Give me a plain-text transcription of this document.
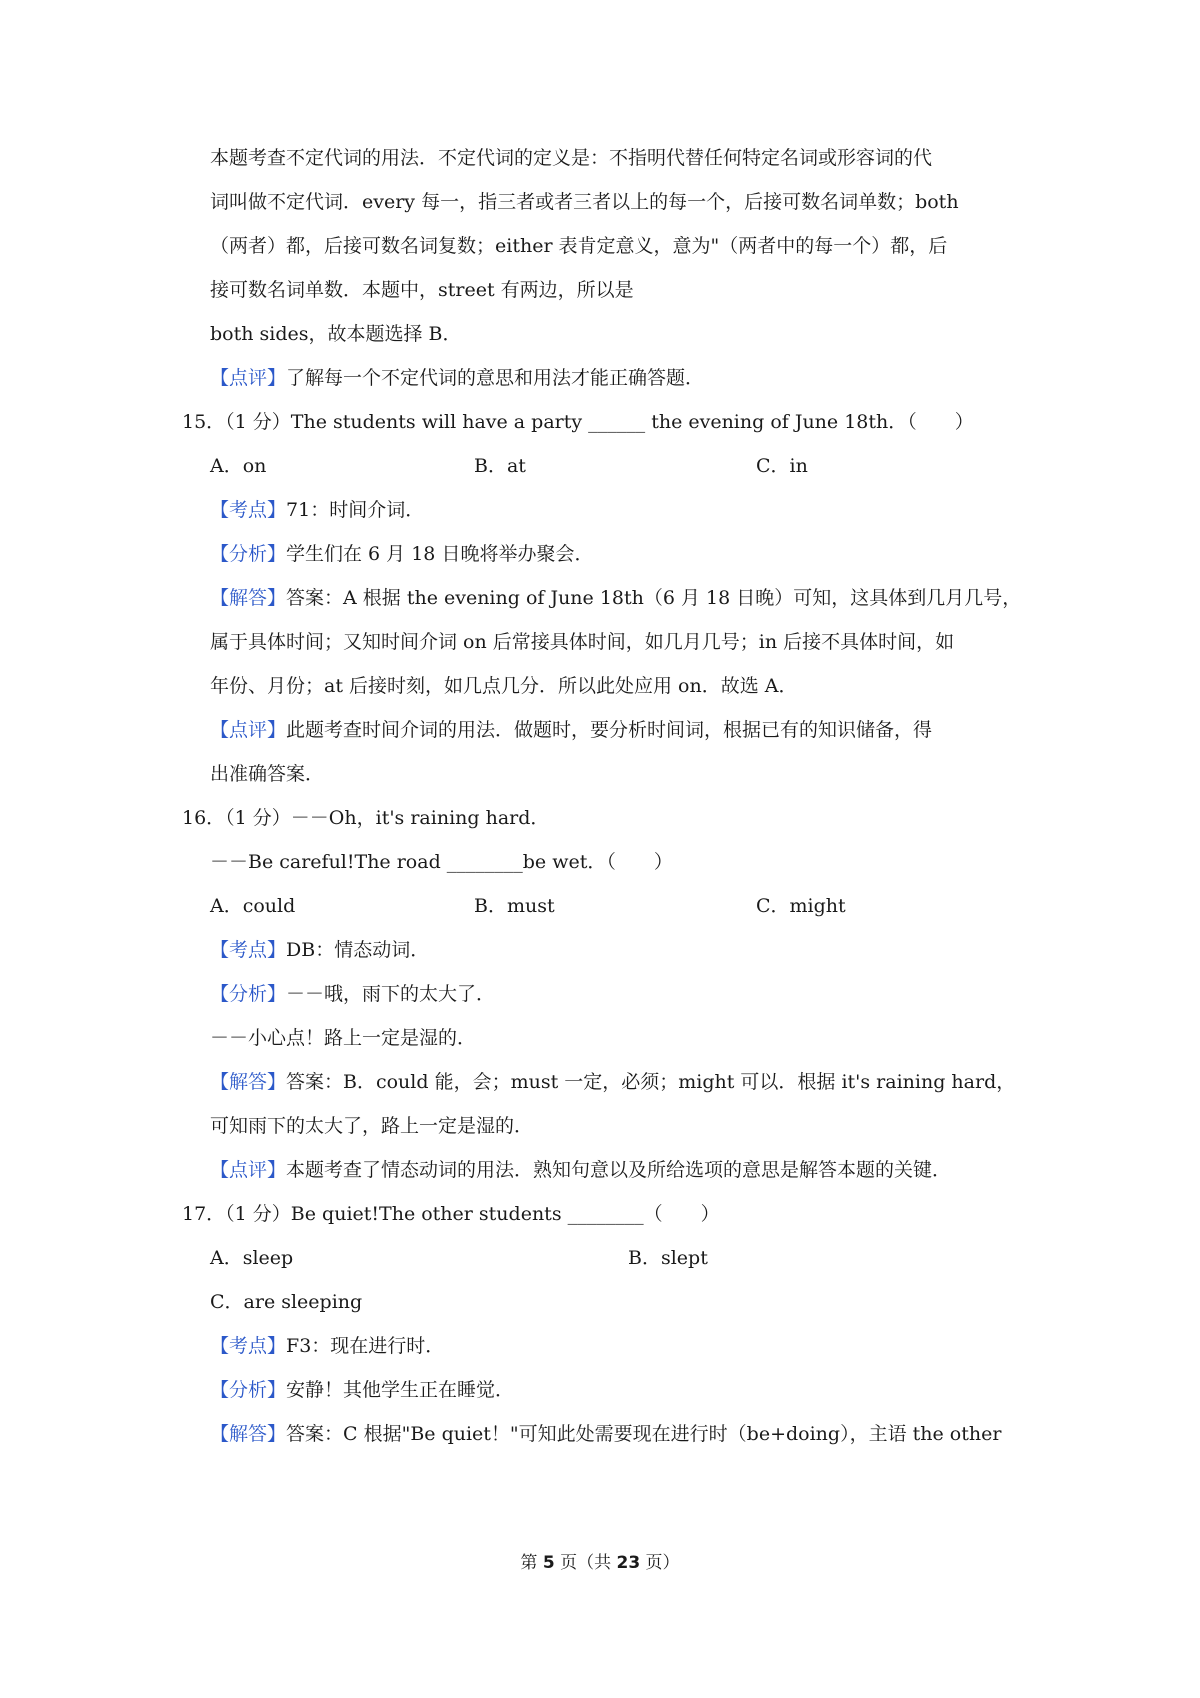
本题考查不定代词的用法．不定代词的定义是：不指明代替任何特定名词或形容词的代
词叫做不定代词．every 每一，指三者或者三者以上的每一个，后接可数名词单数；both
（两者）都，后接可数名词复数；either 表肯定意义，意为"（两者中的每一个）都，后
接可数名词单数．本题中，street 有两边，所以是
both sides，故本题选择 B．
【点评】了解每一个不定代词的意思和用法才能正确答题．
15．（1 分）The students will have a party ______ the evening of June 18th．（　　）
A．on	B．at	C．in
【考点】71：时间介词．
【分析】学生们在 6 月 18 日晚将举办聚会．
【解答】答案：A 根据 the evening of June 18th（6 月 18 日晚）可知，这具体到几月几号，
属于具体时间；又知时间介词 on 后常接具体时间，如几月几号；in 后接不具体时间，如
年份、月份；at 后接时刻，如几点几分．所以此处应用 on．故选 A．
【点评】此题考查时间介词的用法．做题时，要分析时间词，根据已有的知识储备，得
出准确答案．
16．（1 分）－－Oh，it's raining hard．
－－Be careful!The road ________be wet．（　　）
A．could	B．must	C．might
【考点】DB：情态动词．
【分析】－－哦，雨下的太大了．
－－小心点！路上一定是湿的．
【解答】答案：B．could 能，会；must 一定，必须；might 可以．根据 it's raining hard，
可知雨下的太大了，路上一定是湿的．
【点评】本题考查了情态动词的用法．熟知句意以及所给选项的意思是解答本题的关键．
17．（1 分）Be quiet!The other students ________（　　）
A．sleep	B．slept
C．are sleeping
【考点】F3：现在进行时．
【分析】安静！其他学生正在睡觉．
【解答】答案：C 根据"Be quiet！"可知此处需要现在进行时（be+doing），主语 the other
第 5 页（共 23 页）
